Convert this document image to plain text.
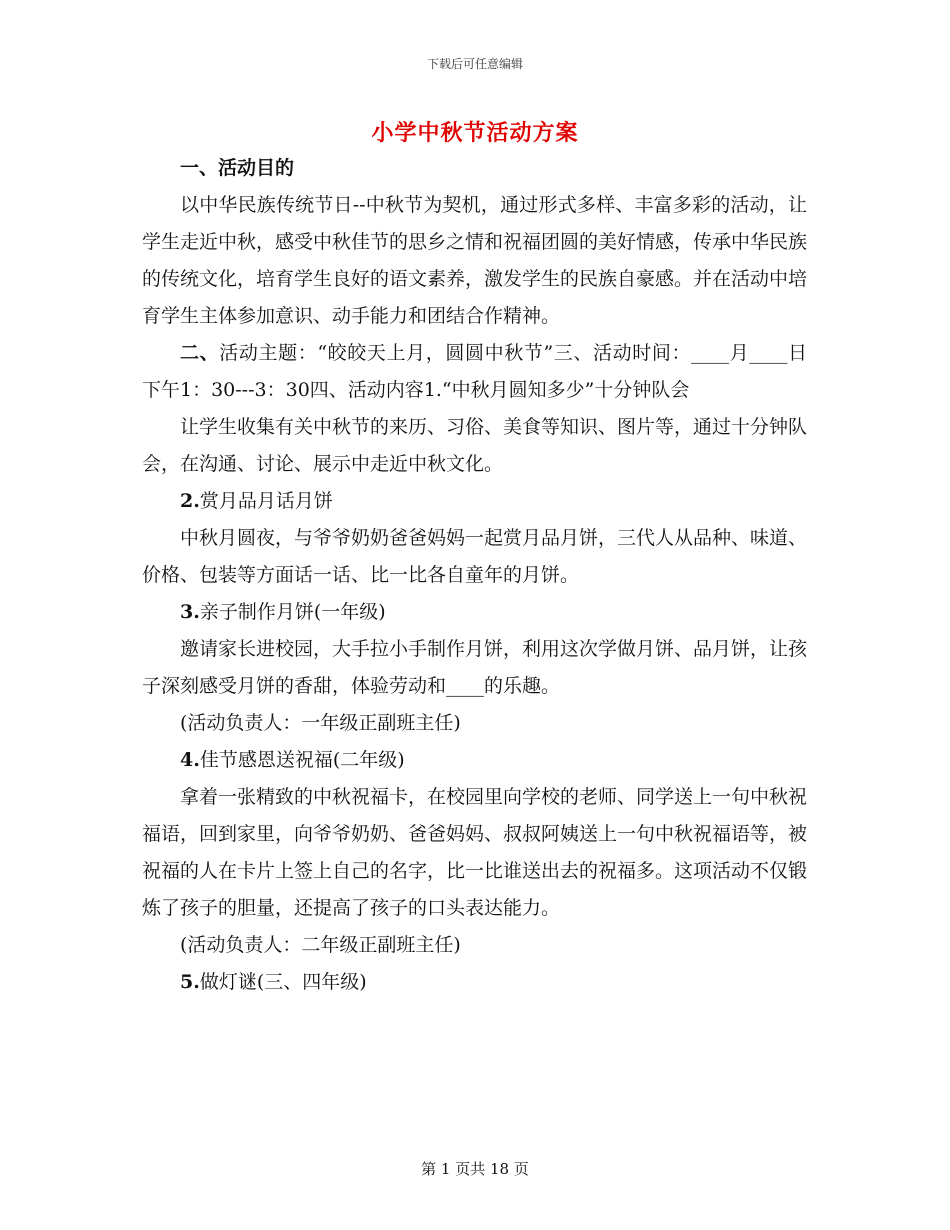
下载后可任意编辑
小学中秋节活动方案

一、活动目的

以中华民族传统节日--中秋节为契机，通过形式多样、丰富多彩的活动，让学生走近中秋，感受中秋佳节的思乡之情和祝福团圆的美好情感，传承中华民族的传统文化，培育学生良好的语文素养，激发学生的民族自豪感。并在活动中培育学生主体参加意识、动手能力和团结合作精神。

二、活动主题：“皎皎天上月，圆圆中秋节”三、活动时间：____月____日下午1：30---3：30四、活动内容1.“中秋月圆知多少”十分钟队会

让学生收集有关中秋节的来历、习俗、美食等知识、图片等，通过十分钟队会，在沟通、讨论、展示中走近中秋文化。

2.赏月品月话月饼

中秋月圆夜，与爷爷奶奶爸爸妈妈一起赏月品月饼，三代人从品种、味道、价格、包装等方面话一话、比一比各自童年的月饼。

3.亲子制作月饼(一年级)

邀请家长进校园，大手拉小手制作月饼，利用这次学做月饼、品月饼，让孩子深刻感受月饼的香甜，体验劳动和____的乐趣。

(活动负责人：一年级正副班主任)

4.佳节感恩送祝福(二年级)

拿着一张精致的中秋祝福卡，在校园里向学校的老师、同学送上一句中秋祝福语，回到家里，向爷爷奶奶、爸爸妈妈、叔叔阿姨送上一句中秋祝福语等，被祝福的人在卡片上签上自己的名字，比一比谁送出去的祝福多。这项活动不仅锻炼了孩子的胆量，还提高了孩子的口头表达能力。

(活动负责人：二年级正副班主任)

5.做灯谜(三、四年级)

第 1 页共 18 页
